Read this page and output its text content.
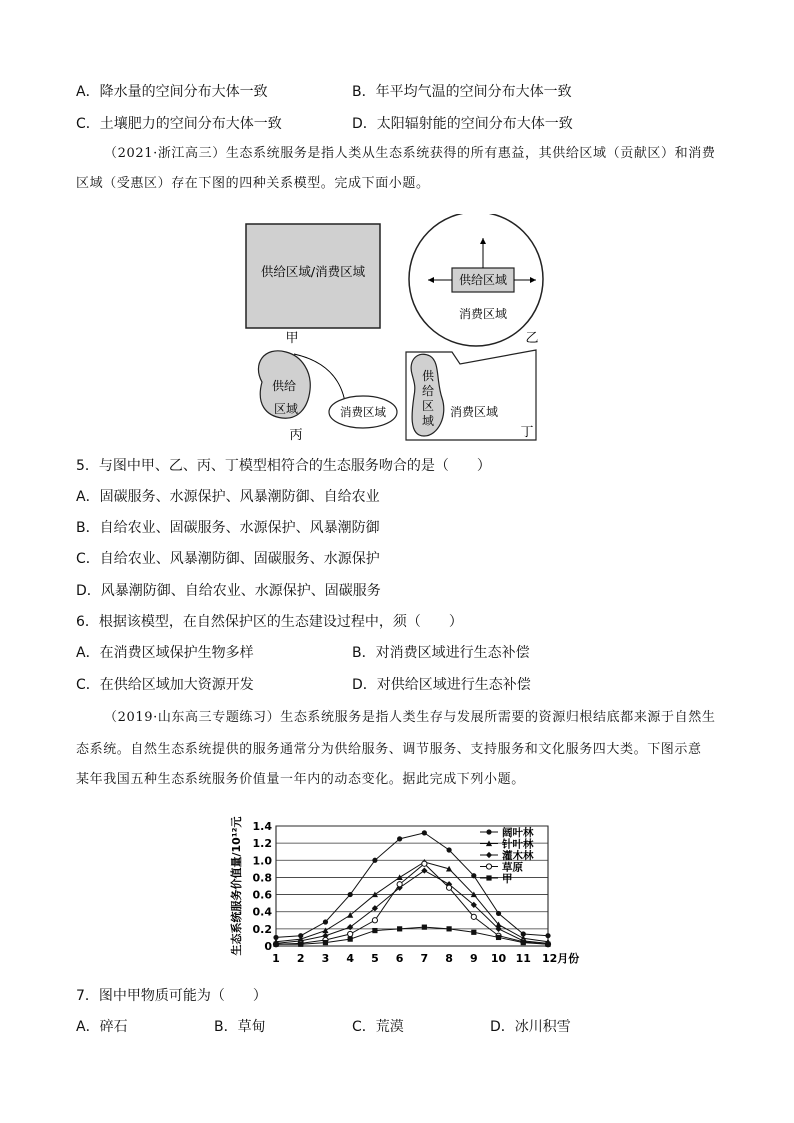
A．降水量的空间分布大体一致	B．年平均气温的空间分布大体一致
C．土壤肥力的空间分布大体一致	D．太阳辐射能的空间分布大体一致
（2021·浙江高三）生态系统服务是指人类从生态系统获得的所有惠益，其供给区域（贡献区）和消费
区域（受惠区）存在下图的四种关系模型。完成下面小题。
供给区域/消费区域
甲
供给区域
消费区域
乙
供给
区域	消费区域
丙
供给区域
消费区域
丁
5．与图中甲、乙、丙、丁模型相符合的生态服务吻合的是（　　）
A．固碳服务、水源保护、风暴潮防御、自给农业
B．自给农业、固碳服务、水源保护、风暴潮防御
C．自给农业、风暴潮防御、固碳服务、水源保护
D．风暴潮防御、自给农业、水源保护、固碳服务
6．根据该模型，在自然保护区的生态建设过程中，须（　　）
A．在消费区域保护生物多样	B．对消费区域进行生态补偿
C．在供给区域加大资源开发	D．对供给区域进行生态补偿
（2019·山东高三专题练习）生态系统服务是指人类生存与发展所需要的资源归根结底都来源于自然生
态系统。自然生态系统提供的服务通常分为供给服务、调节服务、支持服务和文化服务四大类。下图示意
某年我国五种生态系统服务价值量一年内的动态变化。据此完成下列小题。
0
0.2
0.4
0.6
0.8
1.0
1.2
1.4
1 2 3 4 5 6 7 8 9 10 11 12月份
生态系统服务价值量/10¹²元	阔叶林
针叶林
灌木林
草原
甲
7．图中甲物质可能为（　　）
A．碎石	B．草甸	C．荒漠	D．冰川积雪
